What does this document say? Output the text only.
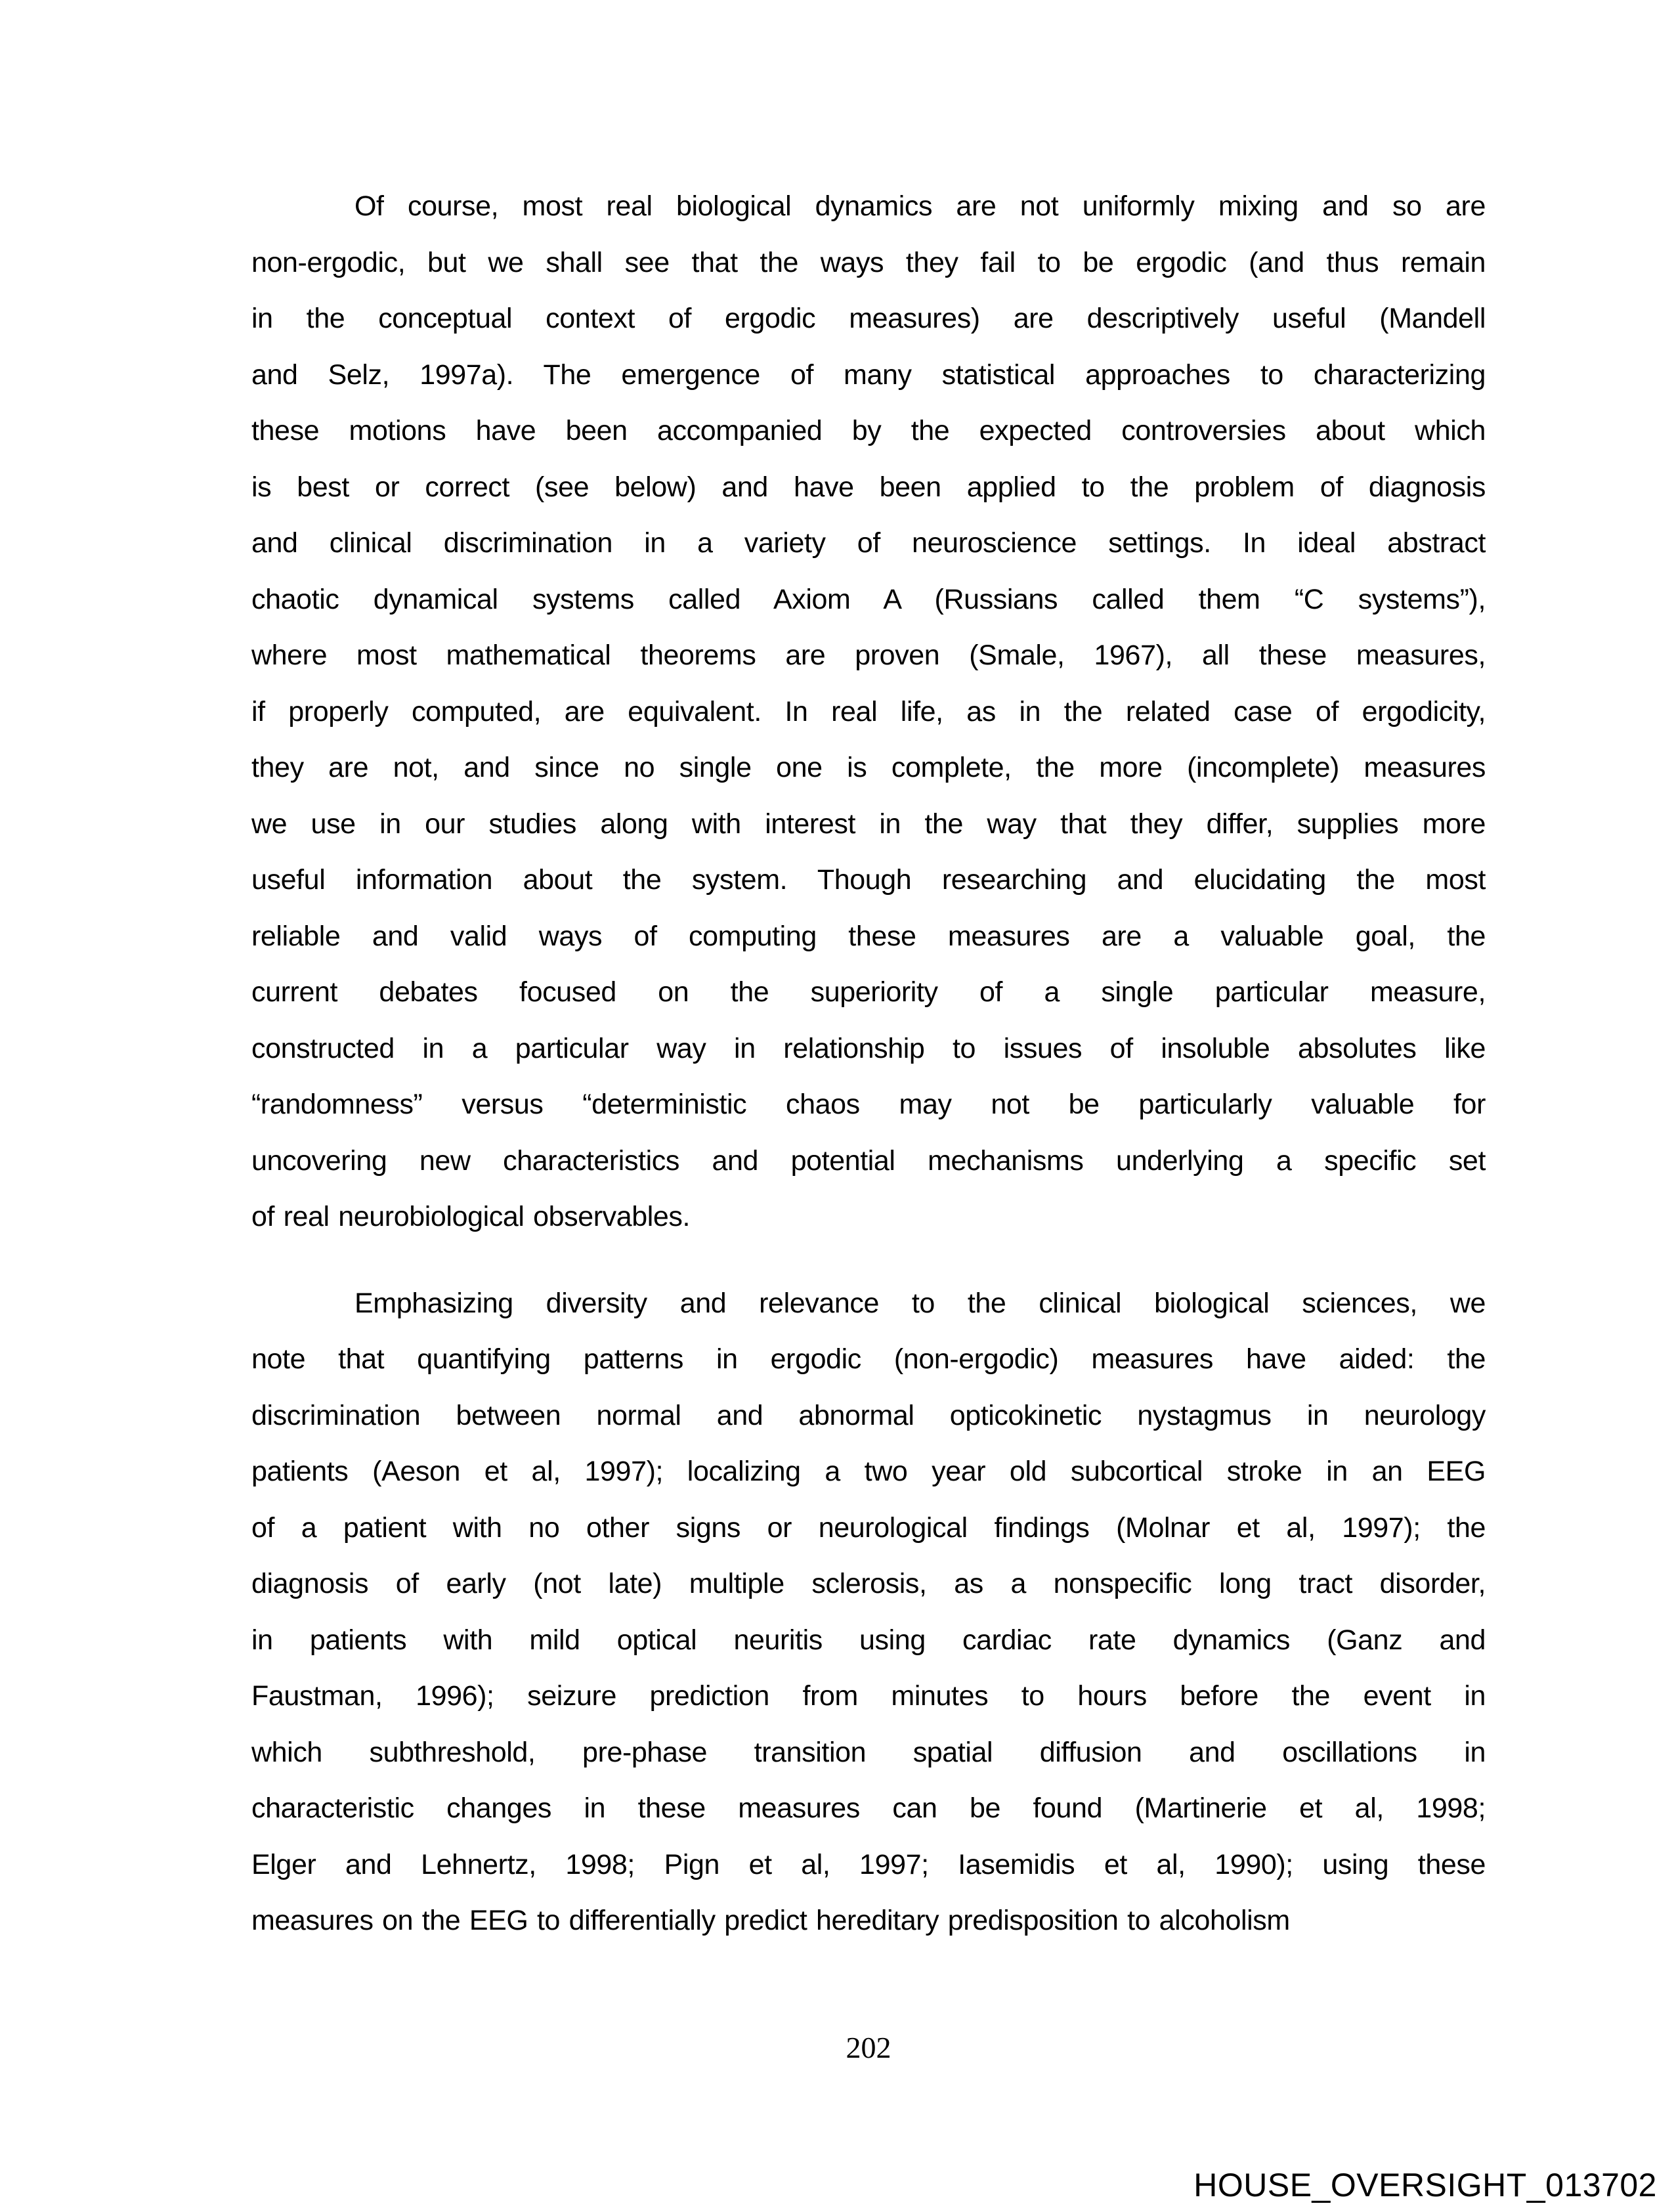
Of course, most real biological dynamics are not uniformly mixing and so are
non-ergodic, but we shall see that the ways they fail to be ergodic (and thus remain
in the conceptual context of ergodic measures) are descriptively useful (Mandell
and Selz, 1997a). The emergence of many statistical approaches to characterizing
these motions have been accompanied by the expected controversies about which
is best or correct (see below) and have been applied to the problem of diagnosis
and clinical discrimination in a variety of neuroscience settings. In ideal abstract
chaotic dynamical systems called Axiom A (Russians called them “C systems”),
where most mathematical theorems are proven (Smale, 1967), all these measures,
if properly computed, are equivalent. In real life, as in the related case of ergodicity,
they are not, and since no single one is complete, the more (incomplete) measures
we use in our studies along with interest in the way that they differ, supplies more
useful information about the system. Though researching and elucidating the most
reliable and valid ways of computing these measures are a valuable goal, the
current debates focused on the superiority of a single particular measure,
constructed in a particular way in relationship to issues of insoluble absolutes like
“randomness” versus “deterministic chaos may not be particularly valuable for
uncovering new characteristics and potential mechanisms underlying a specific set
of real neurobiological observables.
Emphasizing diversity and relevance to the clinical biological sciences, we
note that quantifying patterns in ergodic (non-ergodic) measures have aided: the
discrimination between normal and abnormal opticokinetic nystagmus in neurology
patients (Aeson et al, 1997); localizing a two year old subcortical stroke in an EEG
of a patient with no other signs or neurological findings (Molnar et al, 1997); the
diagnosis of early (not late) multiple sclerosis, as a nonspecific long tract disorder,
in patients with mild optical neuritis using cardiac rate dynamics (Ganz and
Faustman, 1996); seizure prediction from minutes to hours before the event in
which subthreshold, pre-phase transition spatial diffusion and oscillations in
characteristic changes in these measures can be found (Martinerie et al, 1998;
Elger and Lehnertz, 1998; Pign et al, 1997; Iasemidis et al, 1990); using these
measures on the EEG to differentially predict hereditary predisposition to alcoholism
202
HOUSE_OVERSIGHT_013702
